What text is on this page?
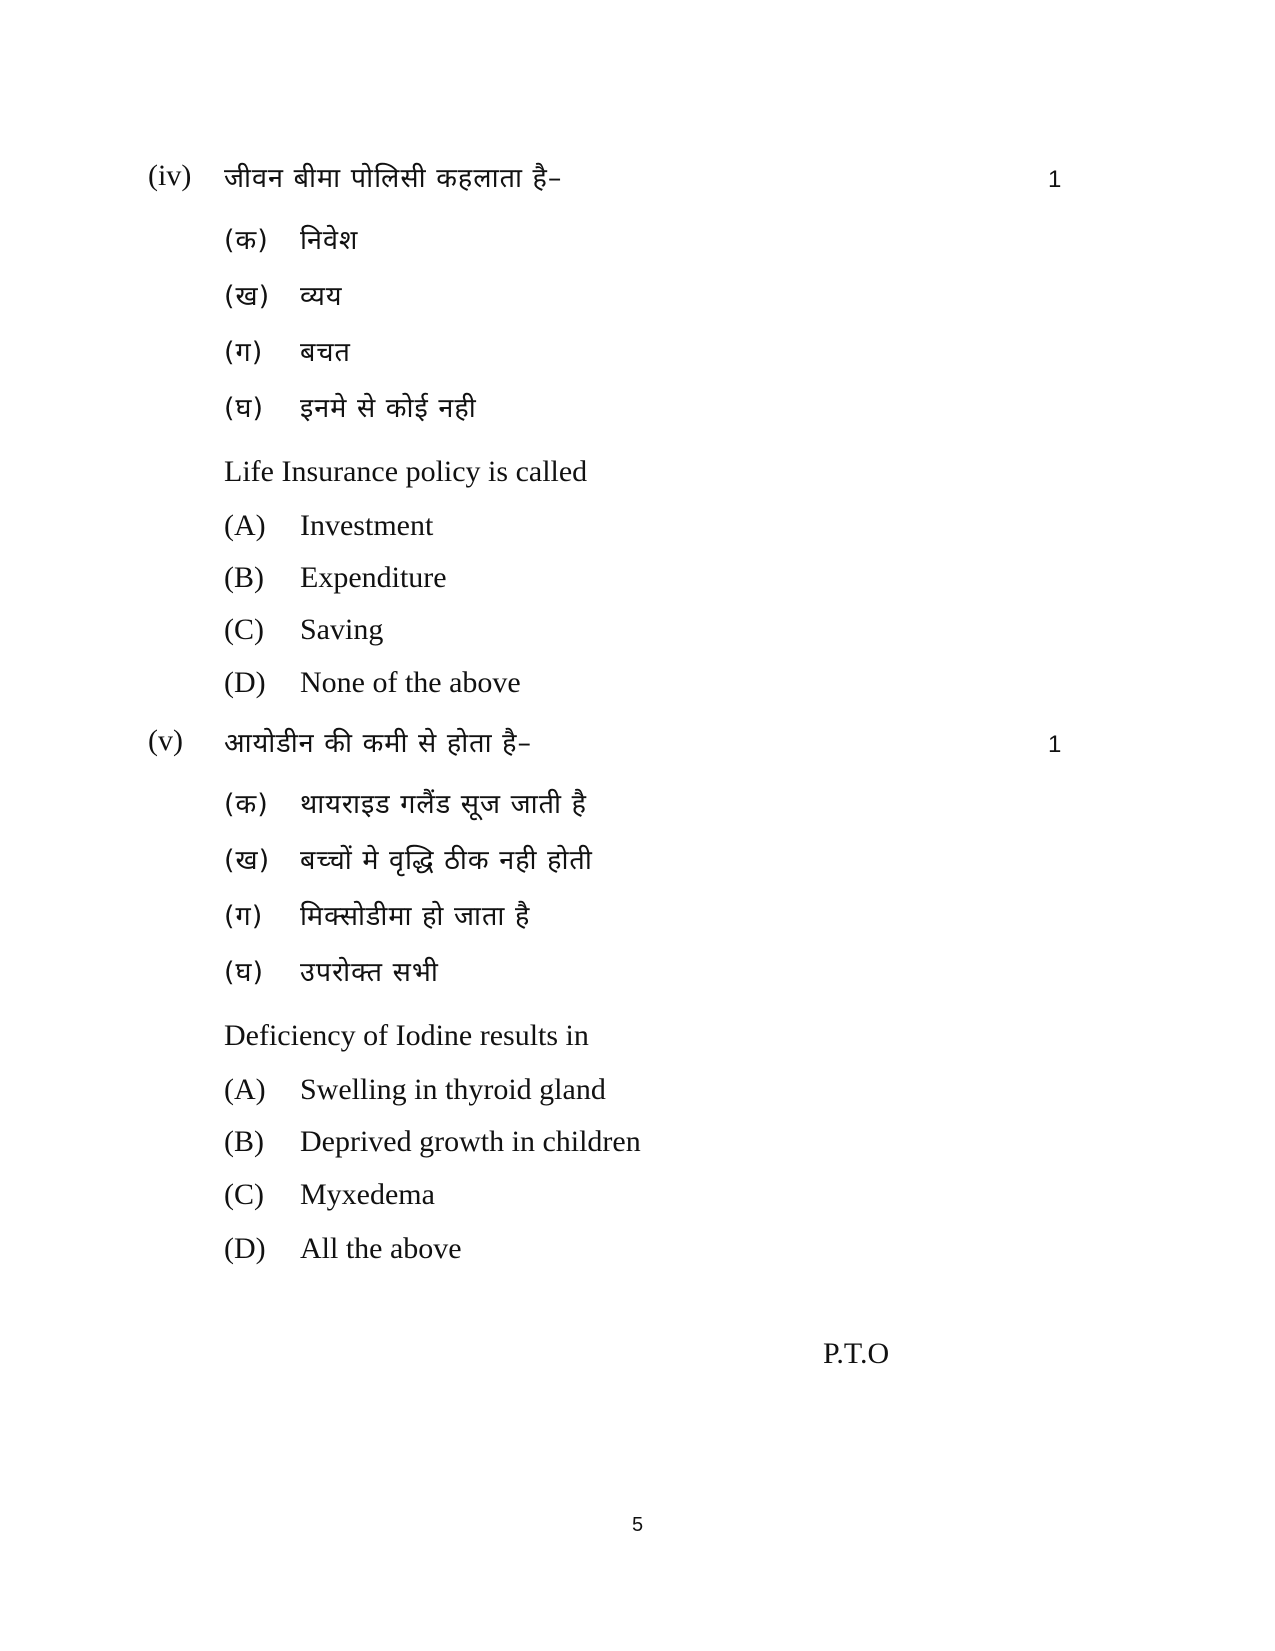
(iv) जीवन बीमा पोलिसी कहलाता है–	1
(क)	निवेश
(ख)	व्यय
(ग)	बचत
(घ)	इनमे से कोई नही
Life Insurance policy is called
(A)	Investment
(B)	Expenditure
(C)	Saving
(D)	None of the above
(v) आयोडीन की कमी से होता है–	1
(क)	थायराइड गलैंड सूज जाती है
(ख)	बच्चों मे वृद्धि ठीक नही होती
(ग)	मिक्सोडीमा हो जाता है
(घ)	उपरोक्त सभी
Deficiency of Iodine results in
(A)	Swelling in thyroid gland
(B)	Deprived growth in children
(C)	Myxedema
(D)	All the above
P.T.O
5
